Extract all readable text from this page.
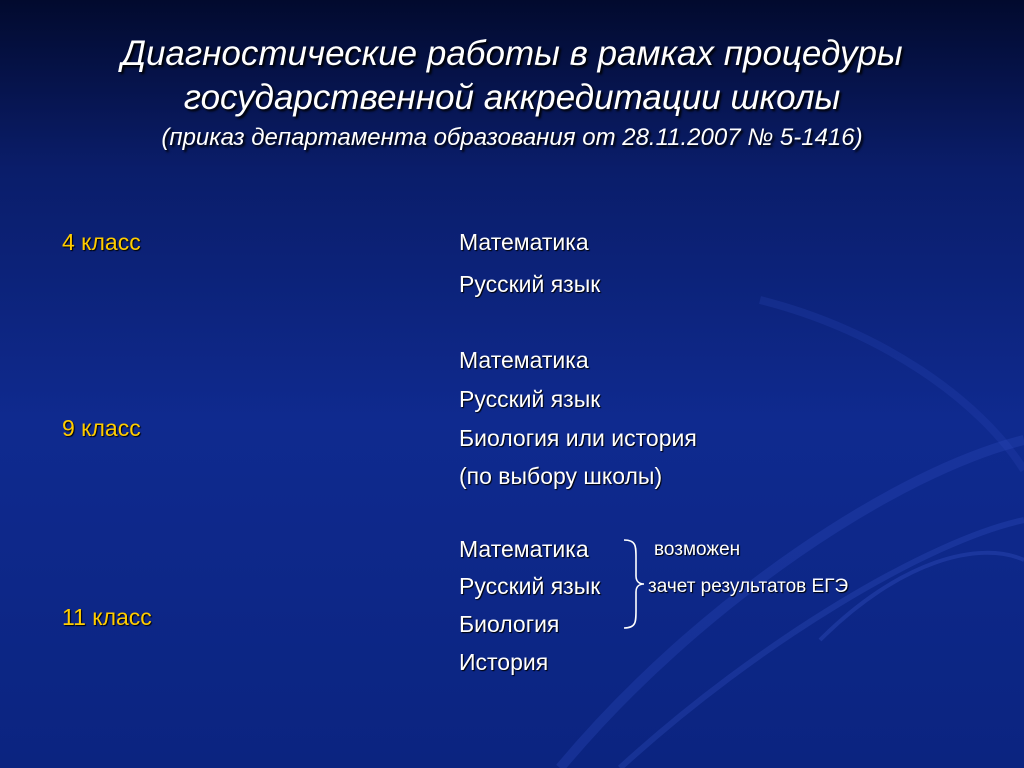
Диагностические работы в рамках процедуры
государственной аккредитации школы
(приказ департамента образования от 28.11.2007 № 5-1416)
4 класс	Математика
Русский язык
9 класс
Математика
Русский язык
Биология или история
(по выбору школы)
11 класс
Математика
Русский язык
Биология
История
возможен
зачет результатов ЕГЭ
